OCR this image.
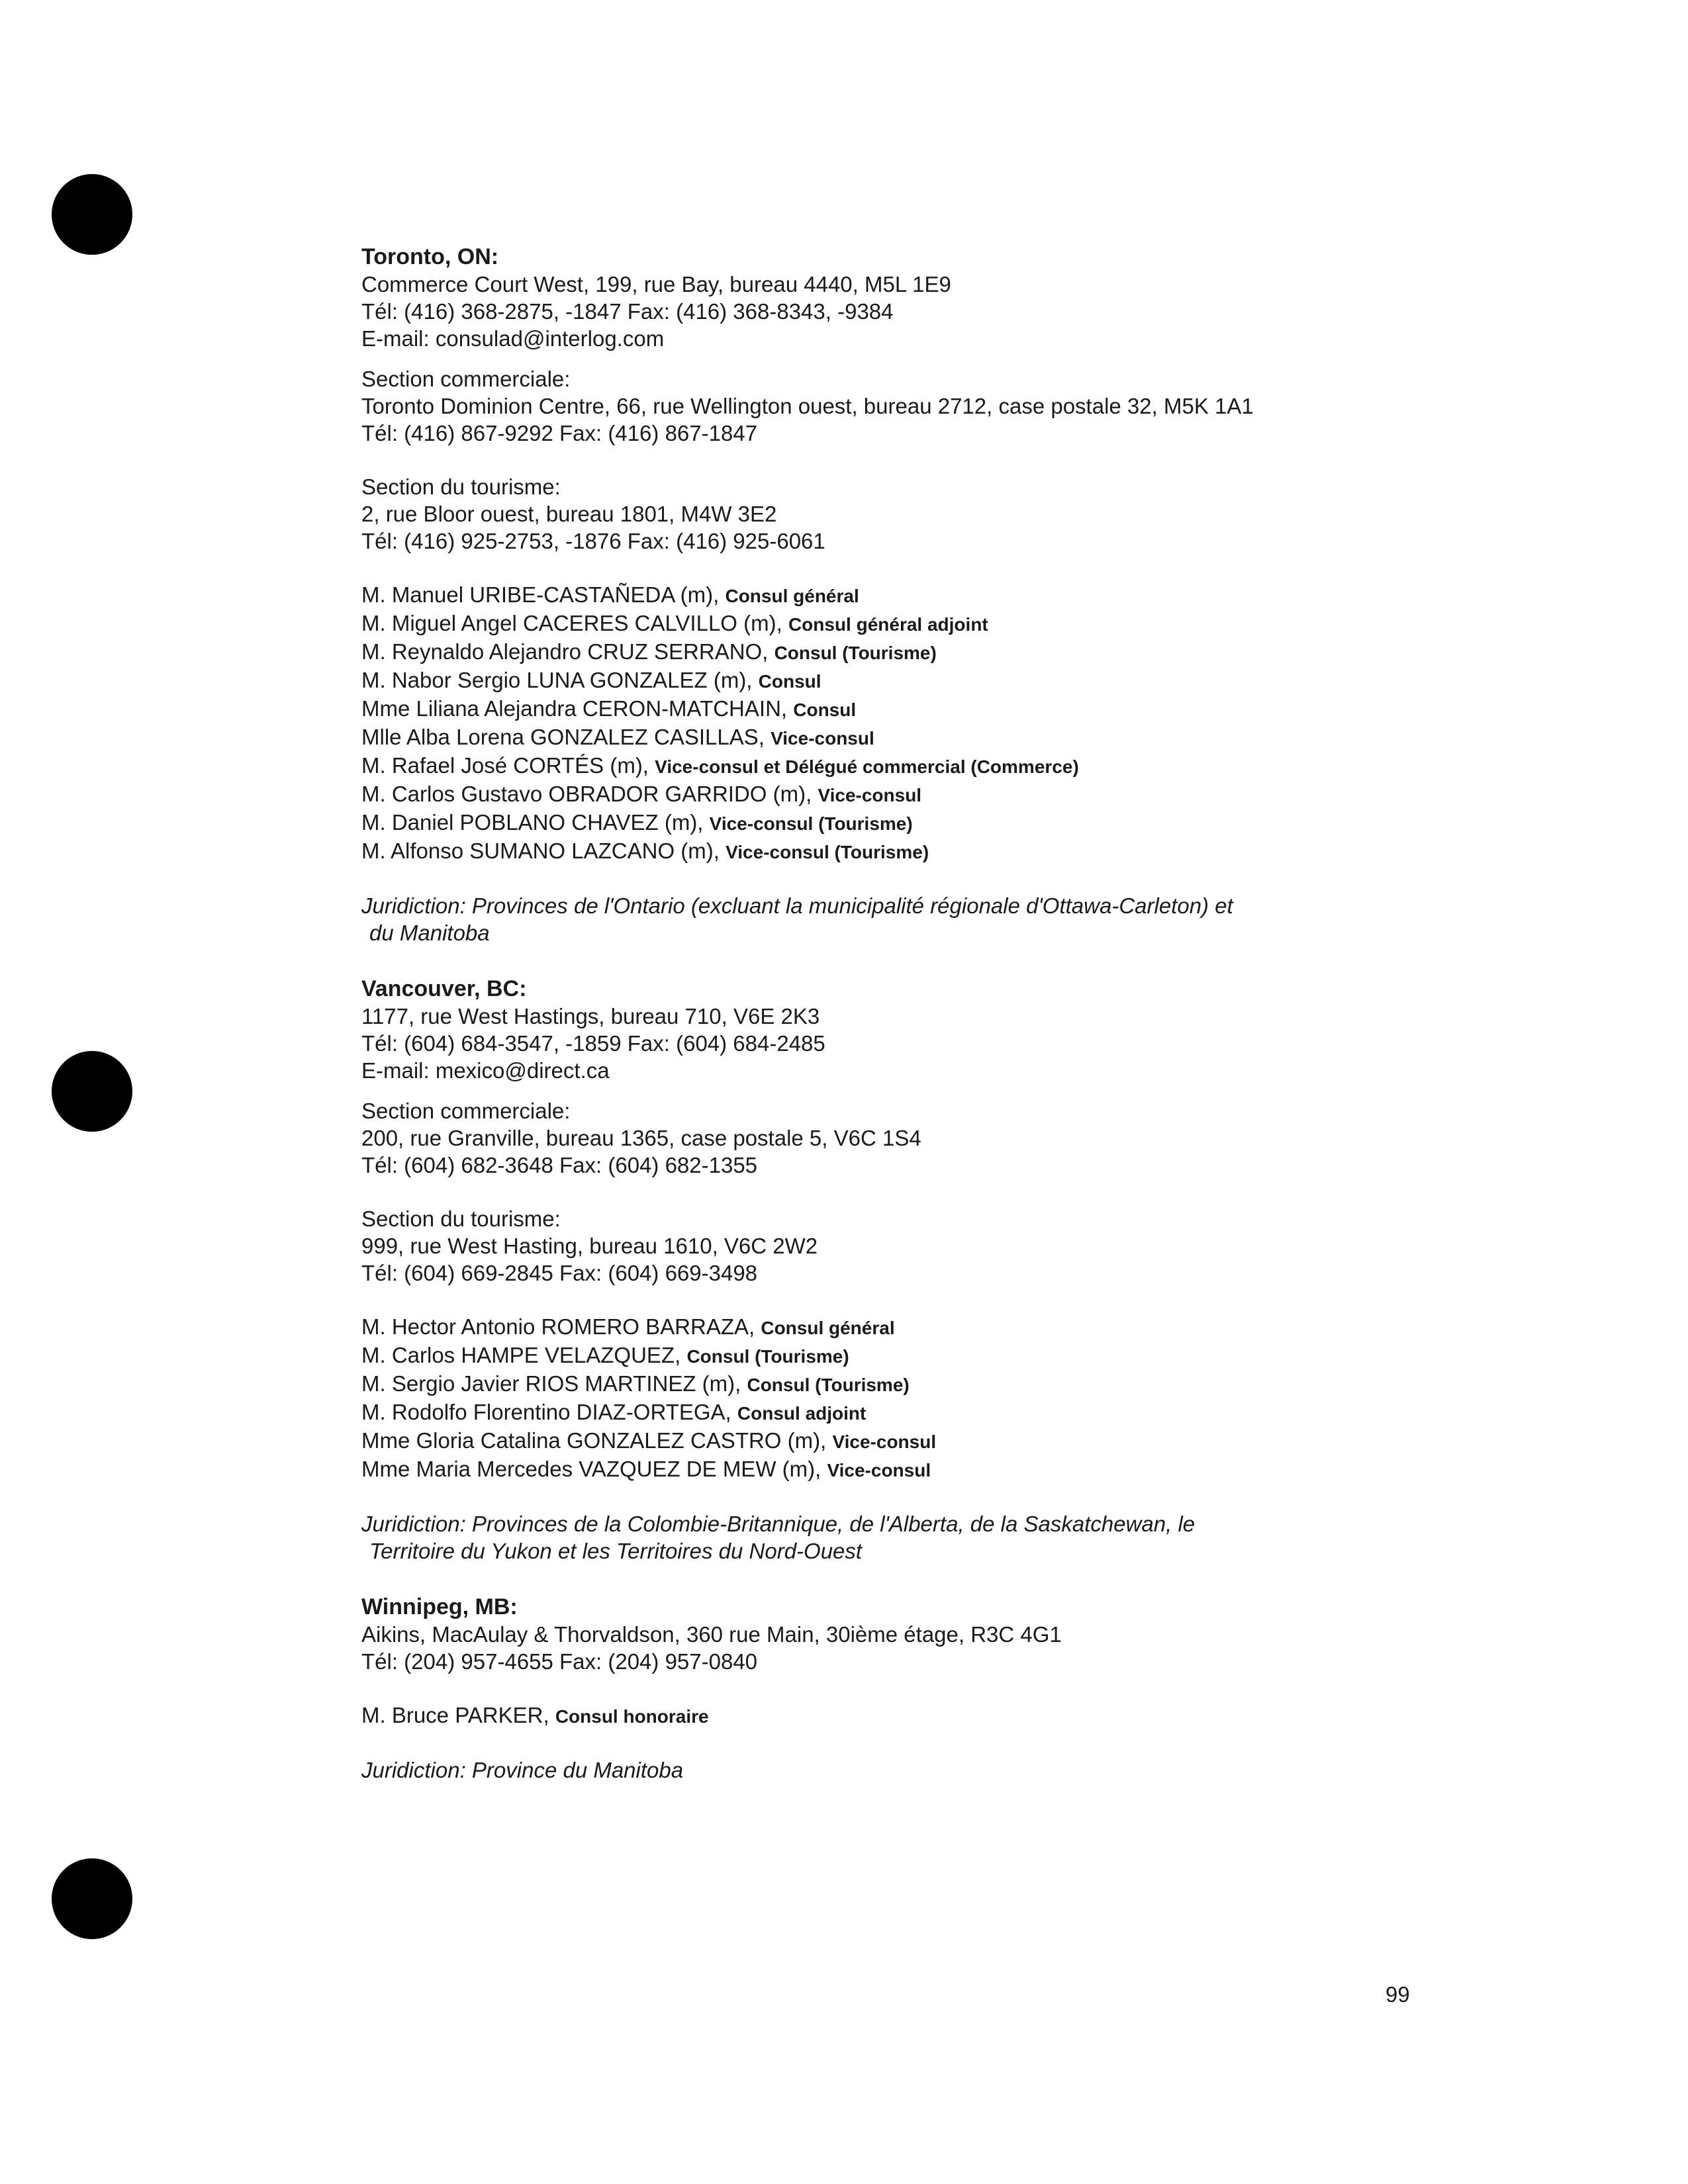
Toronto, ON:
Commerce Court West, 199, rue Bay, bureau 4440, M5L 1E9
Tél: (416) 368-2875, -1847 Fax: (416) 368-8343, -9384
E-mail: consulad@interlog.com
Section commerciale:
Toronto Dominion Centre, 66, rue Wellington ouest, bureau 2712, case postale 32, M5K 1A1
Tél: (416) 867-9292 Fax: (416) 867-1847
Section du tourisme:
2, rue Bloor ouest, bureau 1801, M4W 3E2
Tél: (416) 925-2753, -1876 Fax: (416) 925-6061
M. Manuel URIBE-CASTAÑEDA (m), Consul général
M. Miguel Angel CACERES CALVILLO (m), Consul général adjoint
M. Reynaldo Alejandro CRUZ SERRANO, Consul (Tourisme)
M. Nabor Sergio LUNA GONZALEZ (m), Consul
Mme Liliana Alejandra CERON-MATCHAIN, Consul
Mlle Alba Lorena GONZALEZ CASILLAS, Vice-consul
M. Rafael José CORTÉS (m), Vice-consul et Délégué commercial (Commerce)
M. Carlos Gustavo OBRADOR GARRIDO (m), Vice-consul
M. Daniel POBLANO CHAVEZ (m), Vice-consul (Tourisme)
M. Alfonso SUMANO LAZCANO (m), Vice-consul (Tourisme)
Juridiction: Provinces de l'Ontario (excluant la municipalité régionale d'Ottawa-Carleton) et
du Manitoba
Vancouver, BC:
1177, rue West Hastings, bureau 710, V6E 2K3
Tél: (604) 684-3547, -1859 Fax: (604) 684-2485
E-mail: mexico@direct.ca
Section commerciale:
200, rue Granville, bureau 1365, case postale 5, V6C 1S4
Tél: (604) 682-3648 Fax: (604) 682-1355
Section du tourisme:
999, rue West Hasting, bureau 1610, V6C 2W2
Tél: (604) 669-2845 Fax: (604) 669-3498
M. Hector Antonio ROMERO BARRAZA, Consul général
M. Carlos HAMPE VELAZQUEZ, Consul (Tourisme)
M. Sergio Javier RIOS MARTINEZ (m), Consul (Tourisme)
M. Rodolfo Florentino DIAZ-ORTEGA, Consul adjoint
Mme Gloria Catalina GONZALEZ CASTRO (m), Vice-consul
Mme Maria Mercedes VAZQUEZ DE MEW (m), Vice-consul
Juridiction: Provinces de la Colombie-Britannique, de l'Alberta, de la Saskatchewan, le
Territoire du Yukon et les Territoires du Nord-Ouest
Winnipeg, MB:
Aikins, MacAulay & Thorvaldson, 360 rue Main, 30ième étage, R3C 4G1
Tél: (204) 957-4655 Fax: (204) 957-0840
M. Bruce PARKER, Consul honoraire
Juridiction: Province du Manitoba
99
